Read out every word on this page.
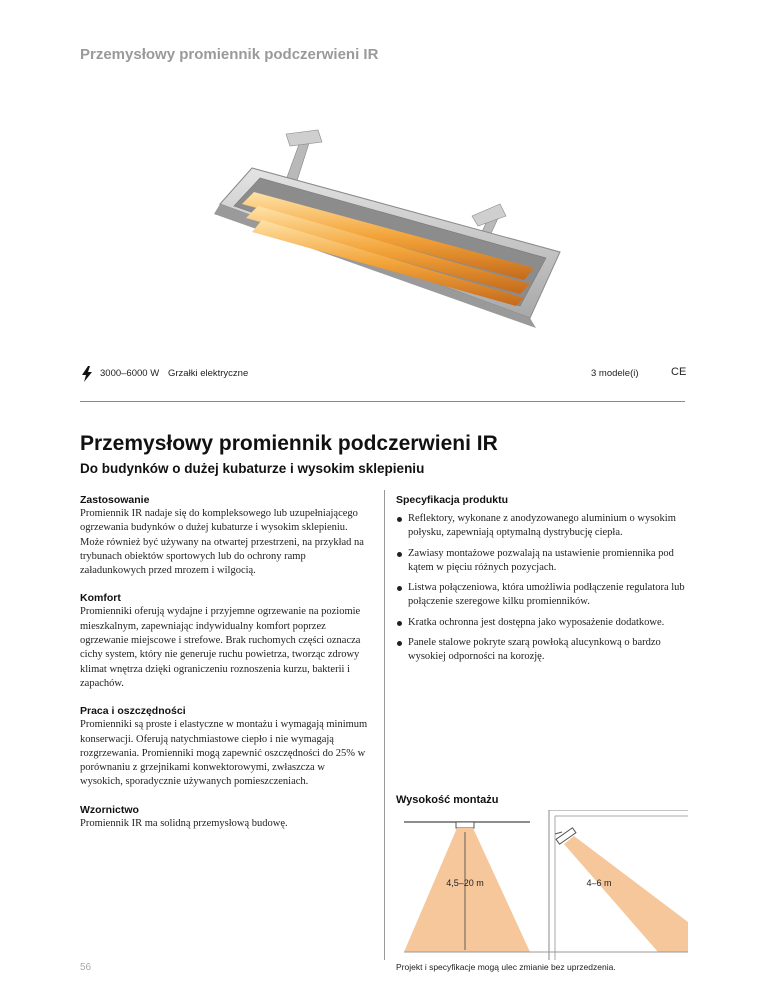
Przemysłowy promiennik podczerwieni IR
3000–6000 W Grzałki elektryczne	3 modele(i)	CE
Przemysłowy promiennik podczerwieni IR
Do budynków o dużej kubaturze i wysokim sklepieniu
Zastosowanie

Promiennik IR nadaje się do kompleksowego lub uzupełniającego ogrzewania budynków o dużej kubaturze i wysokim sklepieniu. Może również być używany na otwartej przestrzeni, na przykład na trybunach obiektów sportowych lub do ochrony ramp załadunkowych przed mrozem i wilgocią.

Komfort

Promienniki oferują wydajne i przyjemne ogrzewanie na poziomie mieszkalnym, zapewniając indywidualny komfort poprzez ogrzewanie miejscowe i strefowe. Brak ruchomych części oznacza cichy system, który nie generuje ruchu powietrza, tworząc zdrowy klimat wnętrza dzięki ograniczeniu roznoszenia kurzu, bakterii i zapachów.

Praca i oszczędności

Promienniki są proste i elastyczne w montażu i wymagają minimum konserwacji. Oferują natychmiastowe ciepło i nie wymagają rozgrzewania. Promienniki mogą zapewnić oszczędności do 25% w porównaniu z grzejnikami konwektorowymi, zwłaszcza w wysokich, sporadycznie używanych pomieszczeniach.

Wzornictwo

Promiennik IR ma solidną przemysłową budowę.

Specyfikacja produktu
Reflektory, wykonane z anodyzowanego aluminium o wysokim połysku, zapewniają optymalną dystrybucję ciepła.
Zawiasy montażowe pozwalają na ustawienie promiennika pod kątem w pięciu różnych pozycjach.
Listwa połączeniowa, która umożliwia podłączenie regulatora lub połączenie szeregowe kilku promienników.
Kratka ochronna jest dostępna jako wyposażenie dodatkowe.
Panele stalowe pokryte szarą powłoką alucynkową o bardzo wysokiej odporności na korozję.
Wysokość montażu
4,5–20 m	4–6 m
Projekt i specyfikacje mogą ulec zmianie bez uprzedzenia.
56
